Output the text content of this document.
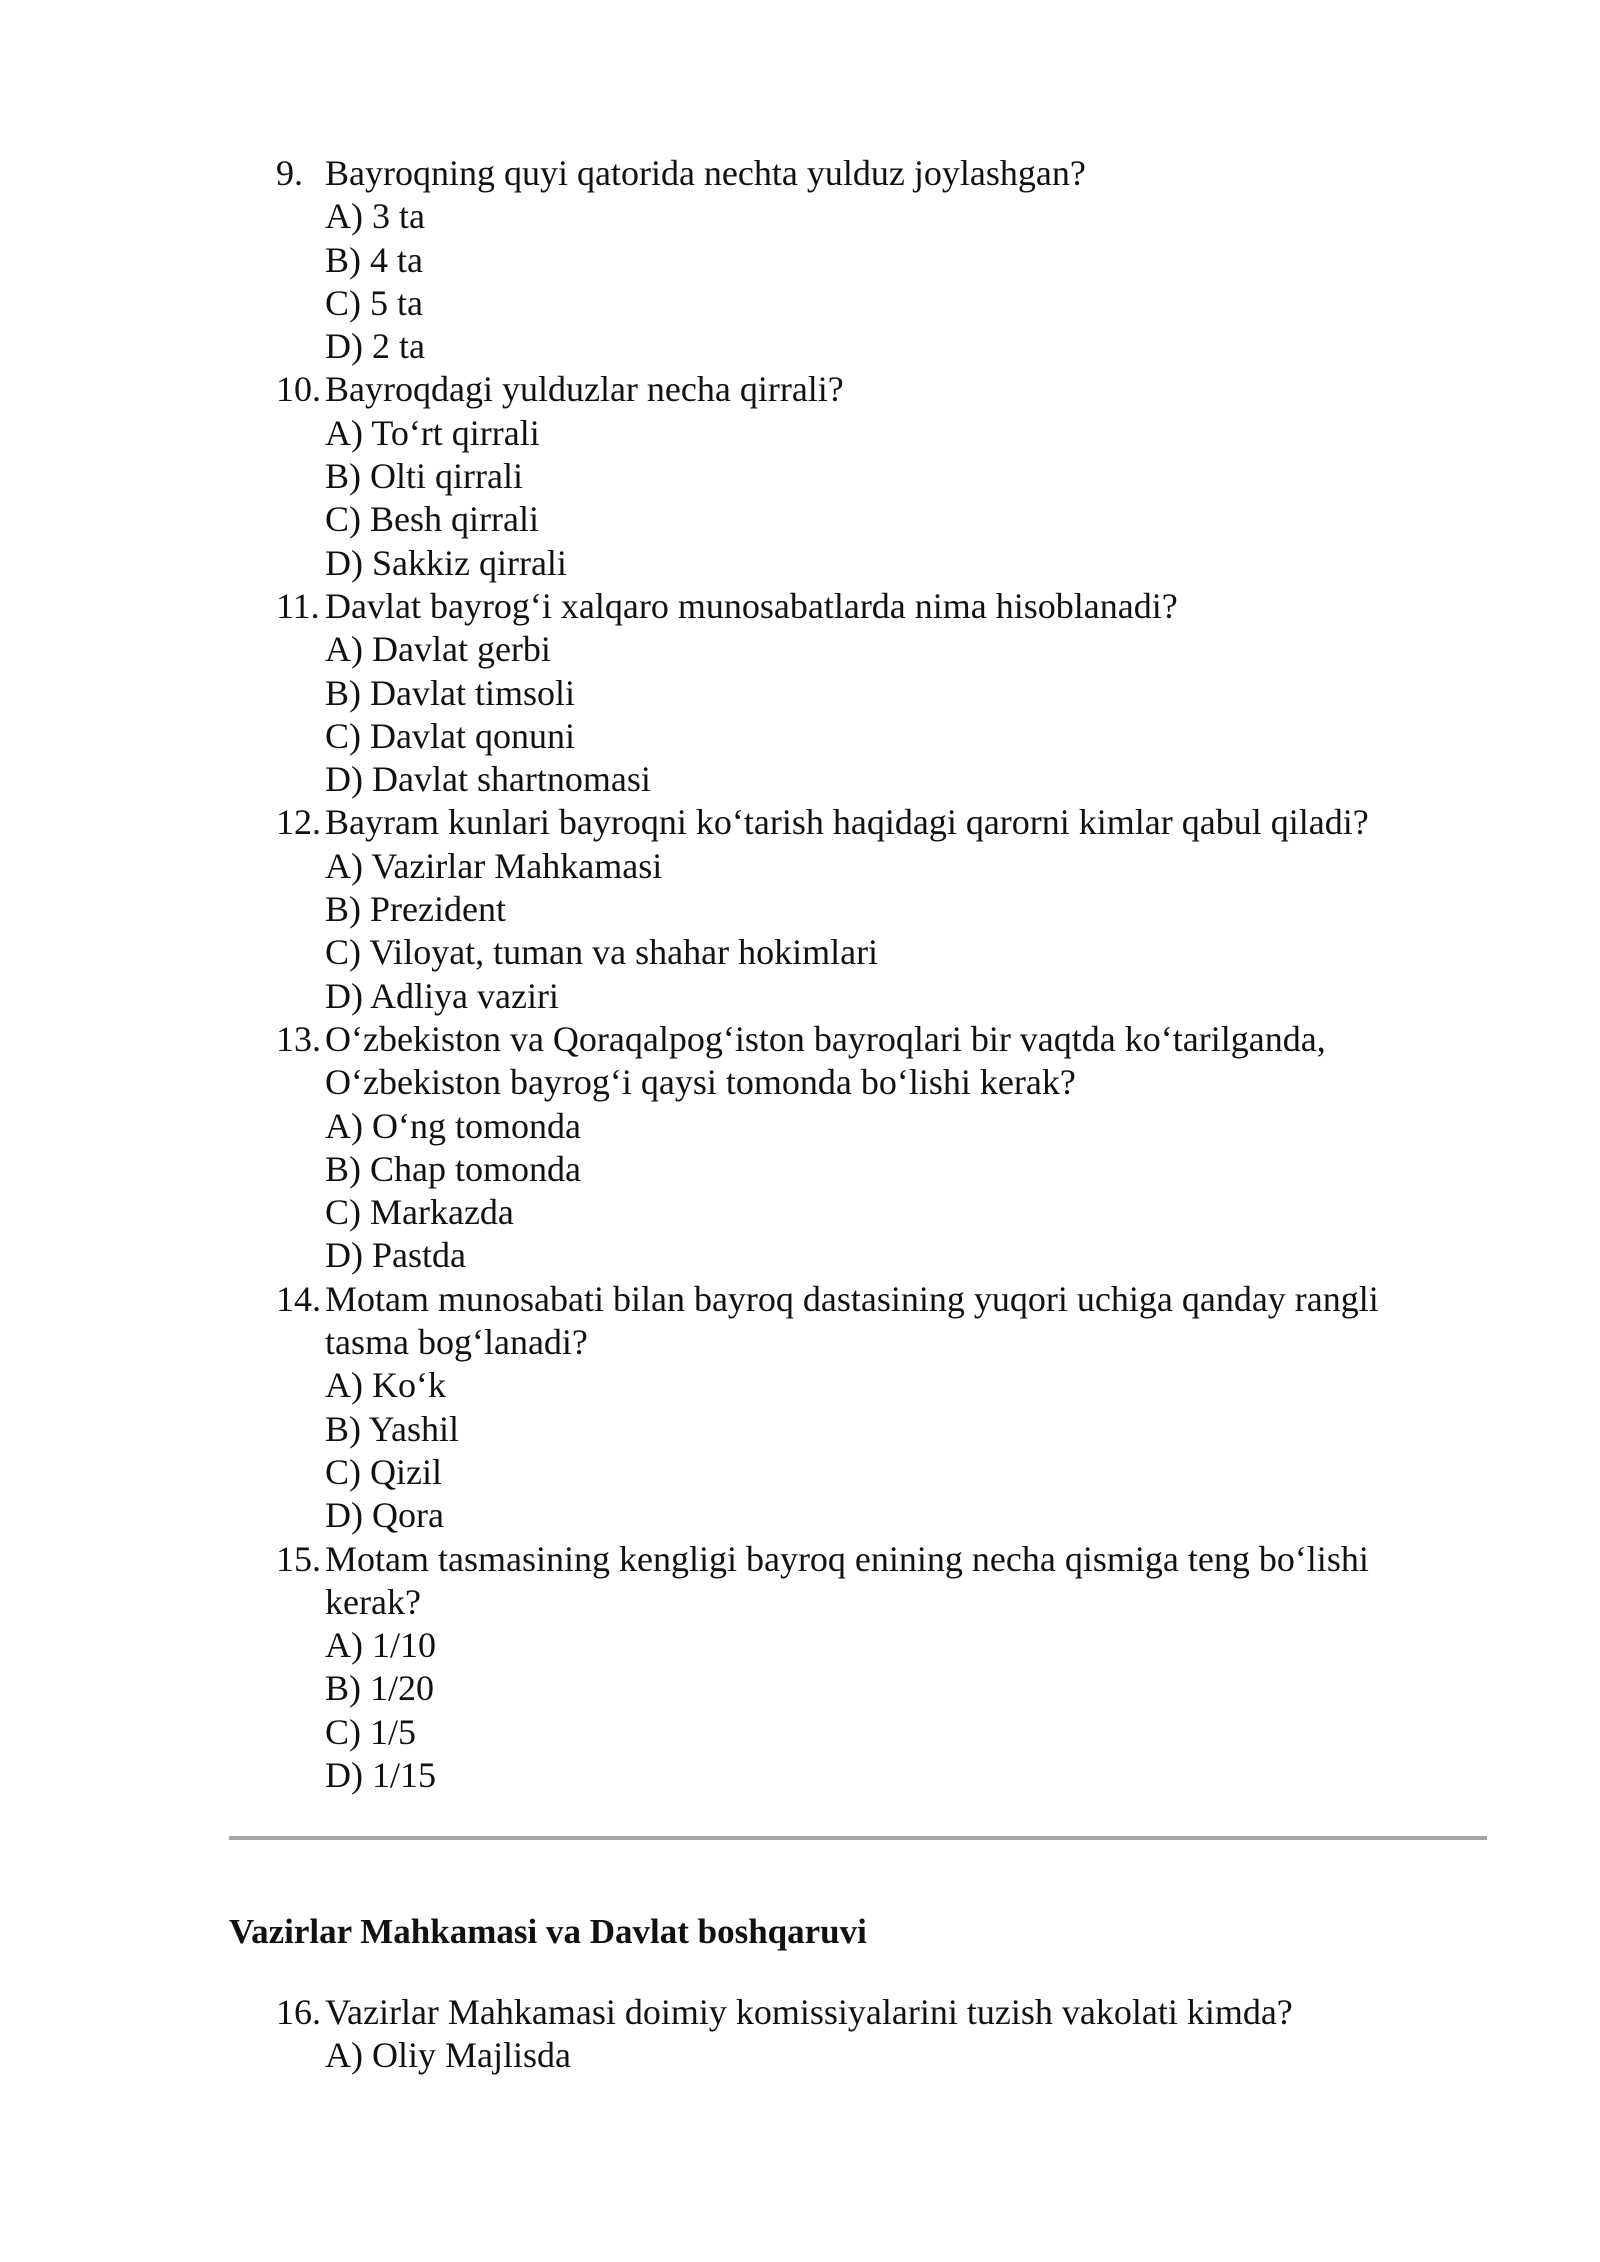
9. Bayroqning quyi qatorida nechta yulduz joylashgan?
A) 3 ta
B) 4 ta
C) 5 ta
D) 2 ta
10. Bayroqdagi yulduzlar necha qirrali?
A) To‘rt qirrali
B) Olti qirrali
C) Besh qirrali
D) Sakkiz qirrali
11. Davlat bayrog‘i xalqaro munosabatlarda nima hisoblanadi?
A) Davlat gerbi
B) Davlat timsoli
C) Davlat qonuni
D) Davlat shartnomasi
12. Bayram kunlari bayroqni ko‘tarish haqidagi qarorni kimlar qabul qiladi?
A) Vazirlar Mahkamasi
B) Prezident
C) Viloyat, tuman va shahar hokimlari
D) Adliya vaziri
13. O‘zbekiston va Qoraqalpog‘iston bayroqlari bir vaqtda ko‘tarilganda,
O‘zbekiston bayrog‘i qaysi tomonda bo‘lishi kerak?
A) O‘ng tomonda
B) Chap tomonda
C) Markazda
D) Pastda
14. Motam munosabati bilan bayroq dastasining yuqori uchiga qanday rangli
tasma bog‘lanadi?
A) Ko‘k
B) Yashil
C) Qizil
D) Qora
15. Motam tasmasining kengligi bayroq enining necha qismiga teng bo‘lishi
kerak?
A) 1/10
B) 1/20
C) 1/5
D) 1/15
Vazirlar Mahkamasi va Davlat boshqaruvi
16. Vazirlar Mahkamasi doimiy komissiyalarini tuzish vakolati kimda?
A) Oliy Majlisda
